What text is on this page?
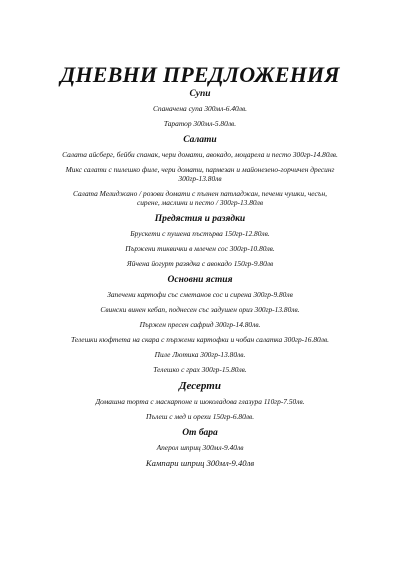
ДНЕВНИ ПРЕДЛОЖЕНИЯ
Супи

Спаначена супа 300мл-6.40лв.

Таратор 300мл-5.80лв.

Салати

Салата айсберг, бейби спанак, чери домати, авокадо, моцарела и песто 300гр-14.80лв.

Микс салати с пилешко филе, чери домати, пармезан и майонезено-горчичен дресинг

300гр-13.80лв

Салата Мелиджано / розови домати с пълнен патладжан, печени чушки, чесън,

сирене, маслини и песто / 300гр-13.80лв

Предястия и разядки

Брускети с пушена пъстърва 150гр-12.80лв.

Пържени тиквички в млечен сос 300гр-10.80лв.

Яйчена йогурт разядка с авокадо 150гр-9.80лв

Основни ястия

Запечени картофи със сметанов сос и сирена 300гр-9.80лв

Свински винен кебап, поднесен със задушен ориз 300гр-13.80лв.

Пържен пресен сафрид 300гр-14.80лв.

Телешки кюфтета на скара с пържени картофки и чобан салатка 300гр-16.80лв.

Пиле Лютика 300гр-13.80лв.

Телешко с грах 300гр-15.80лв.

Десерти

Домашна торта с маскарпоне и шоколадова глазура 110гр-7.50лв.

Пълеш с мед и орехи 150гр-6.80лв.

От бара

Аперол шприц 300мл-9.40лв

Кампари шприц 300мл-9.40лв
